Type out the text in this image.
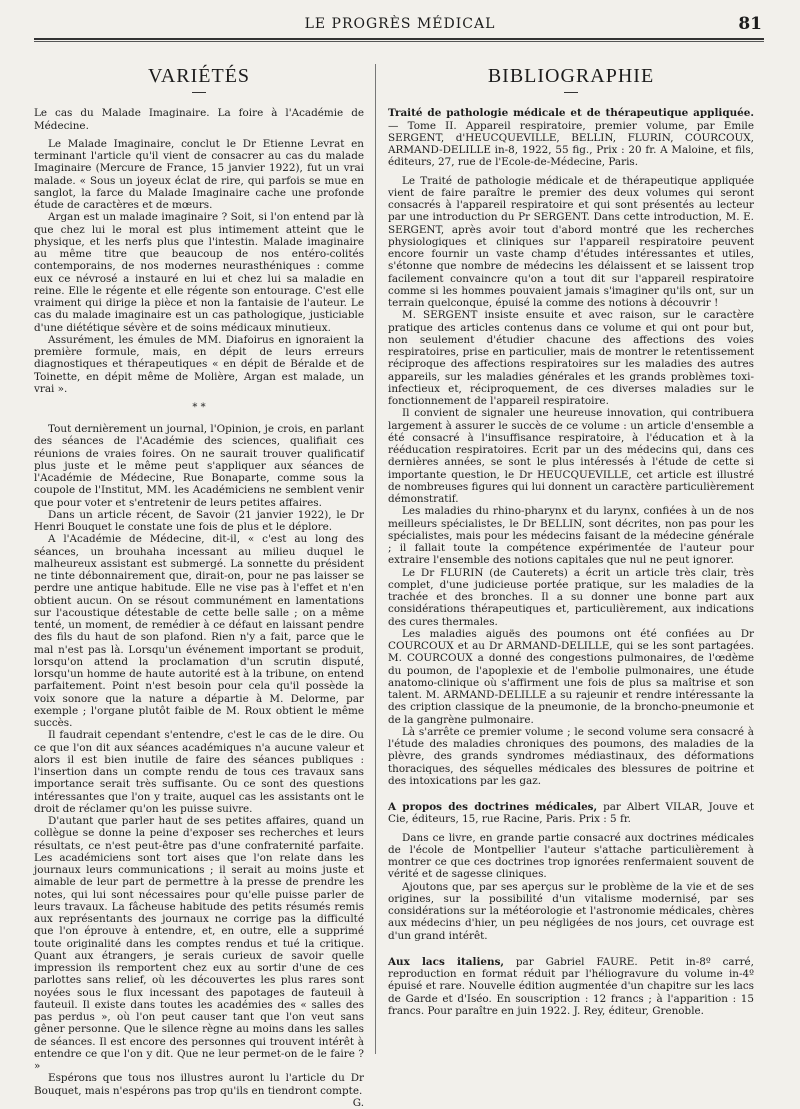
LE PROGRÈS MÉDICAL	81
VARIÉTÉS

Le cas du Malade Imaginaire. La foire à l'Académie de Médecine.

Le Malade Imaginaire, conclut le Dr Etienne Levrat en terminant l'article qu'il vient de consacrer au cas du malade Imaginaire (Mercure de France, 15 janvier 1922), fut un vrai malade. « Sous un joyeux éclat de rire, qui parfois se mue en sanglot, la farce du Malade Imaginaire cache une profonde étude de caractères et de mœurs.

Argan est un malade imaginaire ? Soit, si l'on entend par là que chez lui le moral est plus intimement atteint que le physique, et les nerfs plus que l'intestin. Malade imaginaire au même titre que beaucoup de nos entéro-colités contemporains, de nos modernes neurasthéniques : comme eux ce névrosé a instauré en lui et chez lui sa maladie en reine. Elle le régente et elle régente son entourage. C'est elle vraiment qui dirige la pièce et non la fantaisie de l'auteur. Le cas du malade imaginaire est un cas pathologique, justiciable d'une diététique sévère et de soins médicaux minutieux.

Assurément, les émules de MM. Diafoirus en ignoraient la première formule, mais, en dépit de leurs erreurs diagnostiques et thérapeutiques « en dépit de Béralde et de Toinette, en dépit même de Molière, Argan est malade, un vrai ».

* *

Tout dernièrement un journal, l'Opinion, je crois, en parlant des séances de l'Académie des sciences, qualifiait ces réunions de vraies foires. On ne saurait trouver qualificatif plus juste et le même peut s'appliquer aux séances de l'Académie de Médecine, Rue Bonaparte, comme sous la coupole de l'Institut, MM. les Académiciens ne semblent venir que pour voter et s'entretenir de leurs petites affaires.

Dans un article récent, de Savoir (21 janvier 1922), le Dr Henri Bouquet le constate une fois de plus et le déplore.

A l'Académie de Médecine, dit-il, « c'est au long des séances, un brouhaha incessant au milieu duquel le malheureux assistant est submergé. La sonnette du président ne tinte débonnairement que, dirait-on, pour ne pas laisser se perdre une antique habitude. Elle ne vise pas à l'effet et n'en obtient aucun. On se résout communément en lamentations sur l'acoustique détestable de cette belle salle ; on a même tenté, un moment, de remédier à ce défaut en laissant pendre des fils du haut de son plafond. Rien n'y a fait, parce que le mal n'est pas là. Lorsqu'un événement important se produit, lorsqu'on attend la proclamation d'un scrutin disputé, lorsqu'un homme de haute autorité est à la tribune, on entend parfaitement. Point n'est besoin pour cela qu'il possède la voix sonore que la nature a départie à M. Delorme, par exemple ; l'organe plutôt faible de M. Roux obtient le même succès.

Il faudrait cependant s'entendre, c'est le cas de le dire. Ou ce que l'on dit aux séances académiques n'a aucune valeur et alors il est bien inutile de faire des séances publiques : l'insertion dans un compte rendu de tous ces travaux sans importance serait très suffisante. Ou ce sont des questions intéressantes que l'on y traite, auquel cas les assistants ont le droit de réclamer qu'on les puisse suivre.

D'autant que parler haut de ses petites affaires, quand un collègue se donne la peine d'exposer ses recherches et leurs résultats, ce n'est peut-être pas d'une confraternité parfaite. Les académiciens sont tort aises que l'on relate dans les journaux leurs communications ; il serait au moins juste et aimable de leur part de permettre à la presse de prendre les notes, qui lui sont nécessaires pour qu'elle puisse parler de leurs travaux. La fâcheuse habitude des petits résumés remis aux représentants des journaux ne corrige pas la difficulté que l'on éprouve à entendre, et, en outre, elle a supprimé toute originalité dans les comptes rendus et tué la critique. Quant aux étrangers, je serais curieux de savoir quelle impression ils remportent chez eux au sortir d'une de ces parlottes sans relief, où les découvertes les plus rares sont noyées sous le flux incessant des papotages de fauteuil à fauteuil. Il existe dans toutes les académies des « salles des pas perdus », où l'on peut causer tant que l'on veut sans gêner personne. Que le silence règne au moins dans les salles de séances. Il est encore des personnes qui trouvent intérêt à entendre ce que l'on y dit. Que ne leur permet-on de le faire ? »

Espérons que tous nos illustres auront lu l'article du Dr Bouquet, mais n'espérons pas trop qu'ils en tiendront compte.

G.
BIBLIOGRAPHIE

Traité de pathologie médicale et de thérapeutique appliquée. — Tome II. Appareil respiratoire, premier volume, par Emile SERGENT, d'HEUCQUEVILLE, BELLIN, FLURIN, COURCOUX, ARMAND-DELILLE in-8, 1922, 55 fig., Prix : 20 fr. A Maloine, et fils, éditeurs, 27, rue de l'Ecole-de-Médecine, Paris.

Le Traité de pathologie médicale et de thérapeutique appliquée vient de faire paraître le premier des deux volumes qui seront consacrés à l'appareil respiratoire et qui sont présentés au lecteur par une introduction du Pr SERGENT. Dans cette introduction, M. E. SERGENT, après avoir tout d'abord montré que les recherches physiologiques et cliniques sur l'appareil respiratoire peuvent encore fournir un vaste champ d'études intéressantes et utiles, s'étonne que nombre de médecins les délaissent et se laissent trop facilement convaincre qu'on a tout dit sur l'appareil respiratoire comme si les hommes pouvaient jamais s'imaginer qu'ils ont, sur un terrain quelconque, épuisé la comme des notions à découvrir !

M. SERGENT insiste ensuite et avec raison, sur le caractère pratique des articles contenus dans ce volume et qui ont pour but, non seulement d'étudier chacune des affections des voies respiratoires, prise en particulier, mais de montrer le retentissement réciproque des affections respiratoires sur les maladies des autres appareils, sur les maladies générales et les grands problèmes toxi-infectieux et, réciproquement, de ces diverses maladies sur le fonctionnement de l'appareil respiratoire.

Il convient de signaler une heureuse innovation, qui contribuera largement à assurer le succès de ce volume : un article d'ensemble a été consacré à l'insuffisance respiratoire, à l'éducation et à la rééducation respiratoires. Ecrit par un des médecins qui, dans ces dernières années, se sont le plus intéressés à l'étude de cette si importante question, le Dr HEUCQUEVILLE, cet article est illustré de nombreuses figures qui lui donnent un caractère particulièrement démonstratif.

Les maladies du rhino-pharynx et du larynx, confiées à un de nos meilleurs spécialistes, le Dr BELLIN, sont décrites, non pas pour les spécialistes, mais pour les médecins faisant de la médecine générale ; il fallait toute la compétence expérimentée de l'auteur pour extraire l'ensemble des notions capitales que nul ne peut ignorer.

Le Dr FLURIN (de Cauterets) a écrit un article très clair, très complet, d'une judicieuse portée pratique, sur les maladies de la trachée et des bronches. Il a su donner une bonne part aux considérations thérapeutiques et, particulièrement, aux indications des cures thermales.

Les maladies aiguës des poumons ont été confiées au Dr COURCOUX et au Dr ARMAND-DELILLE, qui se les sont partagées. M. COURCOUX a donné des congestions pulmonaires, de l'œdème du poumon, de l'apoplexie et de l'embolie pulmonaires, une étude anatomo-clinique où s'affirment une fois de plus sa maîtrise et son talent. M. ARMAND-DELILLE a su rajeunir et rendre intéressante la des cription classique de la pneumonie, de la broncho-pneumonie et de la gangrène pulmonaire.

Là s'arrête ce premier volume ; le second volume sera consacré à l'étude des maladies chroniques des poumons, des maladies de la plèvre, des grands syndromes médiastinaux, des déformations thoraciques, des séquelles médicales des blessures de poitrine et des intoxications par les gaz.

A propos des doctrines médicales, par Albert VILAR, Jouve et Cie, éditeurs, 15, rue Racine, Paris. Prix : 5 fr.

Dans ce livre, en grande partie consacré aux doctrines médicales de l'école de Montpellier l'auteur s'attache particulièrement à montrer ce que ces doctrines trop ignorées renfermaient souvent de vérité et de sagesse cliniques.

Ajoutons que, par ses aperçus sur le problème de la vie et de ses origines, sur la possibilité d'un vitalisme modernisé, par ses considérations sur la météorologie et l'astronomie médicales, chères aux médecins d'hier, un peu négligées de nos jours, cet ouvrage est d'un grand intérêt.

Aux lacs italiens, par Gabriel FAURE. Petit in-8º carré, reproduction en format réduit par l'héliogravure du volume in-4º épuisé et rare. Nouvelle édition augmentée d'un chapitre sur les lacs de Garde et d'Iséo. En souscription : 12 francs ; à l'apparition : 15 francs. Pour paraître en juin 1922. J. Rey, éditeur, Grenoble.
